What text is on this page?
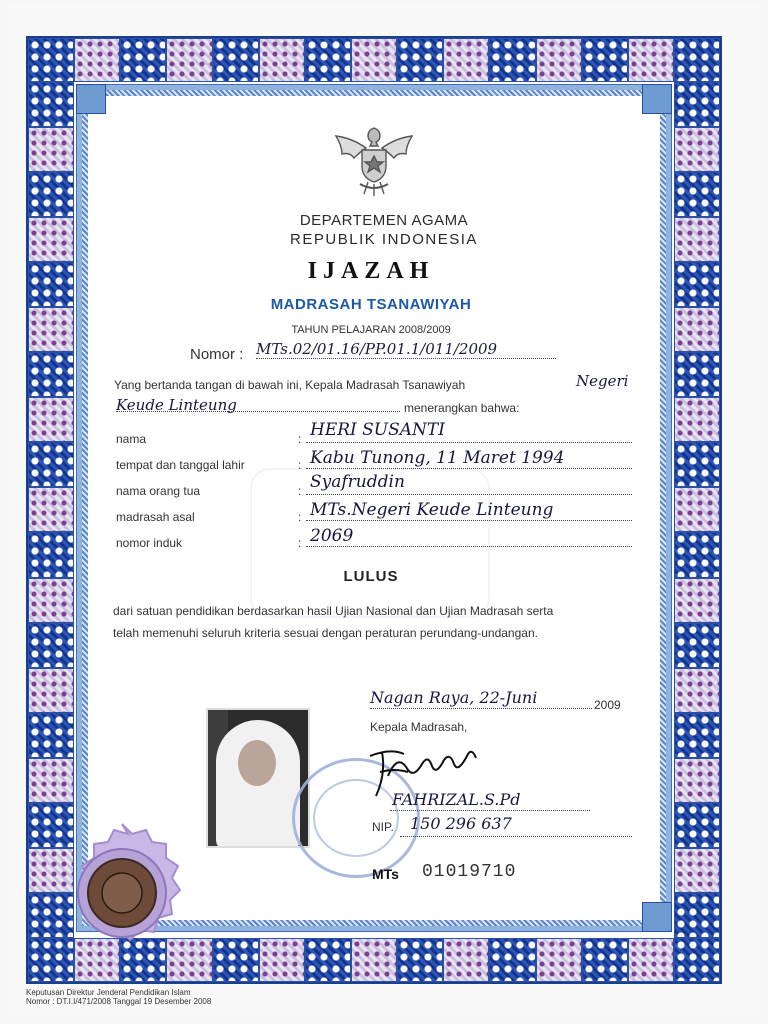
DEPARTEMEN AGAMA
REPUBLIK INDONESIA
IJAZAH
MADRASAH TSANAWIYAH
TAHUN PELAJARAN 2008/2009
Nomor : MTs.02/01.16/PP.01.1/011/2009
Yang bertanda tangan di bawah ini, Kepala Madrasah Tsanawiyah	Negeri
Keude Linteung	menerangkan bahwa:
nama	: HERI SUSANTI
tempat dan tanggal lahir	: Kabu Tunong, 11 Maret 1994
nama orang tua	: Syafruddin
madrasah asal	: MTs.Negeri Keude Linteung
nomor induk	: 2069
LULUS
dari satuan pendidikan berdasarkan hasil Ujian Nasional dan Ujian Madrasah serta
telah memenuhi seluruh kriteria sesuai dengan peraturan perundang-undangan.
Nagan Raya, 22-Juni	2009
Kepala Madrasah,
FAHRIZAL.S.Pd
NIP. 150 296 637
MTs 01019710
Keputusan Direktur Jenderal Pendidikan Islam
Nomor : DT.I.I/471/2008 Tanggal 19 Desember 2008
